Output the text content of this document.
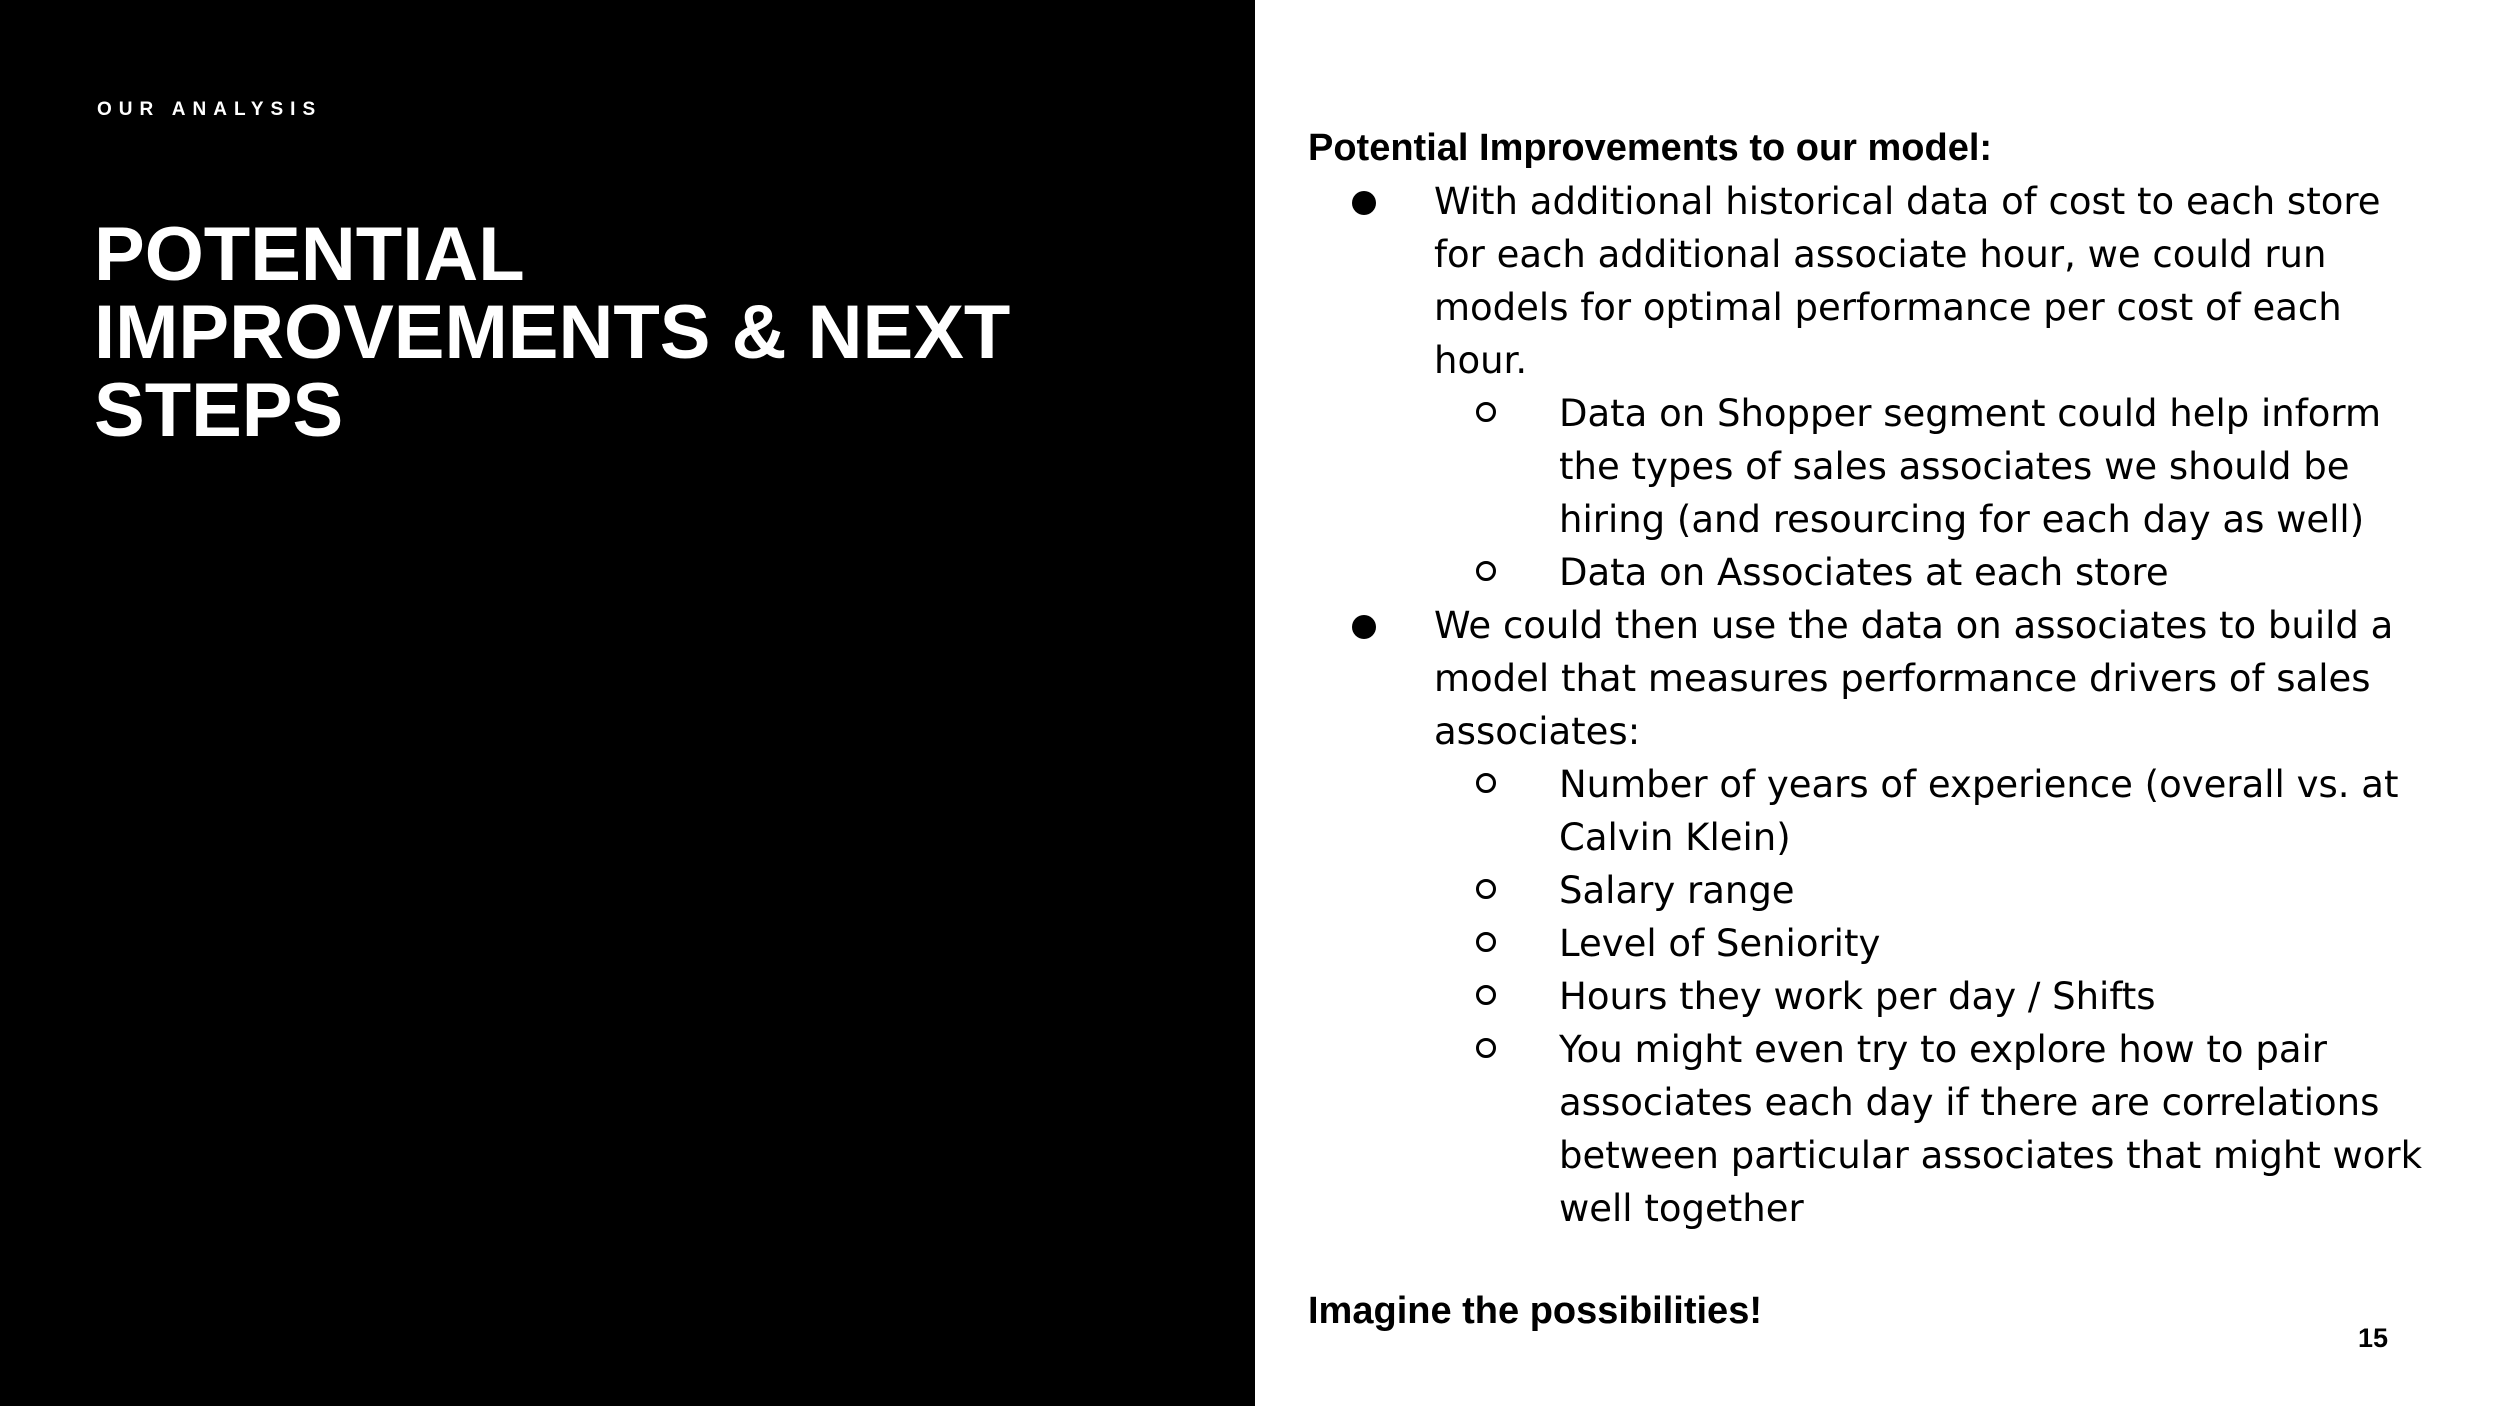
OUR ANALYSIS
POTENTIAL
IMPROVEMENTS & NEXT
STEPS
Potential Improvements to our model:
With additional historical data of cost to each store
for each additional associate hour, we could run
models for optimal performance per cost of each
hour.
Data on Shopper segment could help inform
the types of sales associates we should be
hiring (and resourcing for each day as well)
Data on Associates at each store
We could then use the data on associates to build a
model that measures performance drivers of sales
associates:
Number of years of experience (overall vs. at
Calvin Klein)
Salary range
Level of Seniority
Hours they work per day / Shifts
You might even try to explore how to pair
associates each day if there are correlations
between particular associates that might work
well together
Imagine the possibilities!
15
